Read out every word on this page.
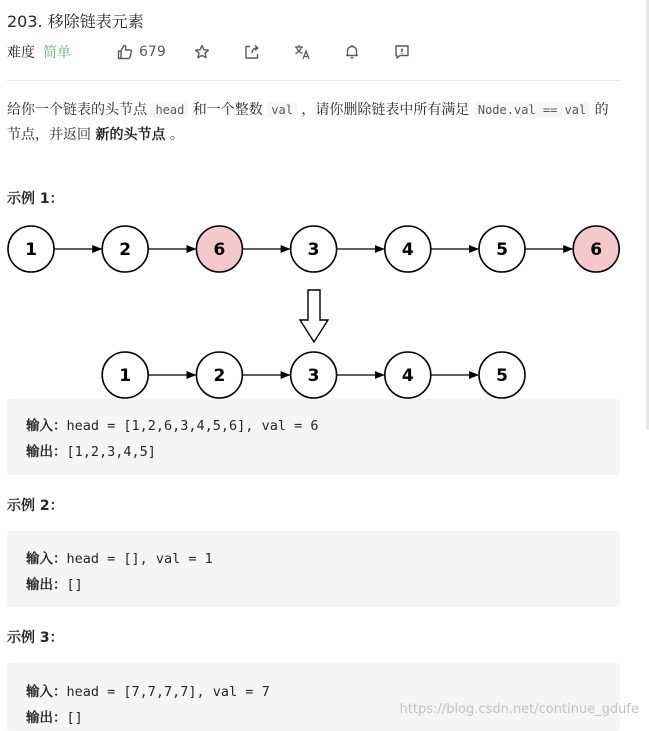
203. 移除链表元素
难度 简单	679
给你一个链表的头节点 head 和一个整数 val ，请你删除链表中所有满足 Node.val == val 的节点，并返回 新的头节点 。
示例 1：
1	2	6	3	4	5	6
1	2	3	4	5
输入：head = [1,2,6,3,4,5,6], val = 6
输出：[1,2,3,4,5]
示例 2：
输入：head = [], val = 1
输出：[]
示例 3：
输入：head = [7,7,7,7], val = 7
输出：[]
https://blog.csdn.net/continue_gdufe
